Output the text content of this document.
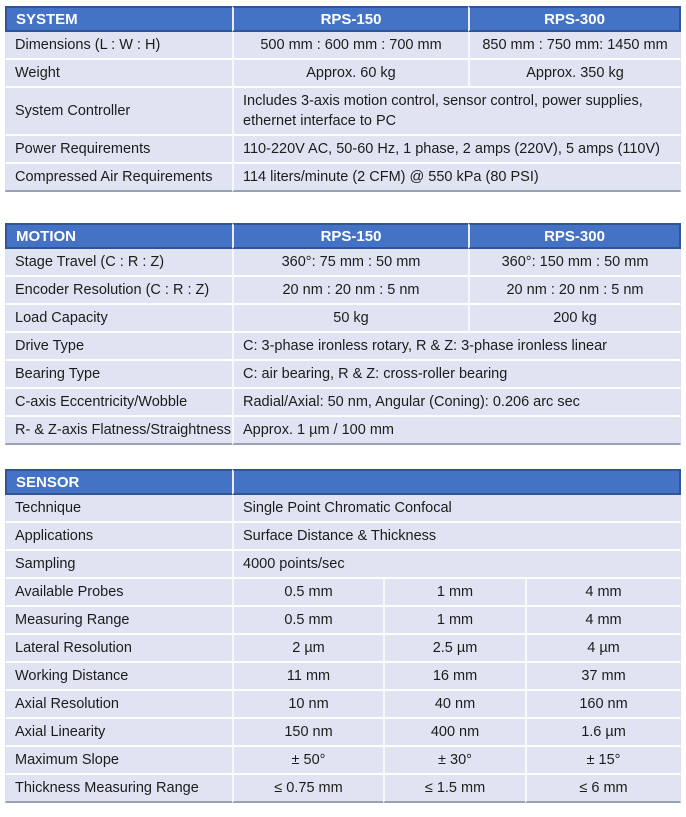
SYSTEM	RPS-150	RPS-300
Dimensions (L : W : H)	500 mm : 600 mm : 700 mm	850 mm : 750 mm: 1450 mm
Weight	Approx. 60 kg	Approx. 350 kg
System Controller	Includes 3-axis motion control, sensor control, power supplies, ethernet interface to PC	
Power Requirements	110-220V AC, 50-60 Hz, 1 phase, 2 amps (220V), 5 amps (110V)	
Compressed Air Requirements	114 liters/minute (2 CFM) @ 550 kPa (80 PSI)	
MOTION	RPS-150	RPS-300
Stage Travel (C : R : Z)	360°: 75 mm : 50 mm	360°: 150 mm : 50 mm
Encoder Resolution (C : R : Z)	20 nm : 20 nm : 5 nm	20 nm : 20 nm : 5 nm
Load Capacity	50 kg	200 kg
Drive Type	C: 3-phase ironless rotary, R & Z: 3-phase ironless linear	
Bearing Type	C: air bearing, R & Z: cross-roller bearing	
C-axis Eccentricity/Wobble	Radial/Axial: 50 nm, Angular (Coning): 0.206 arc sec	
R- & Z-axis Flatness/Straightness	Approx. 1 µm / 100 mm	
SENSOR			
Technique	Single Point Chromatic Confocal		
Applications	Surface Distance & Thickness		
Sampling	4000 points/sec		
Available Probes	0.5 mm	1 mm	4 mm
Measuring Range	0.5 mm	1 mm	4 mm
Lateral Resolution	2 µm	2.5 µm	4 µm
Working Distance	11 mm	16 mm	37 mm
Axial Resolution	10 nm	40 nm	160 nm
Axial Linearity	150 nm	400 nm	1.6 µm
Maximum Slope	± 50°	± 30°	± 15°
Thickness Measuring Range	≤ 0.75 mm	≤ 1.5 mm	≤ 6 mm
